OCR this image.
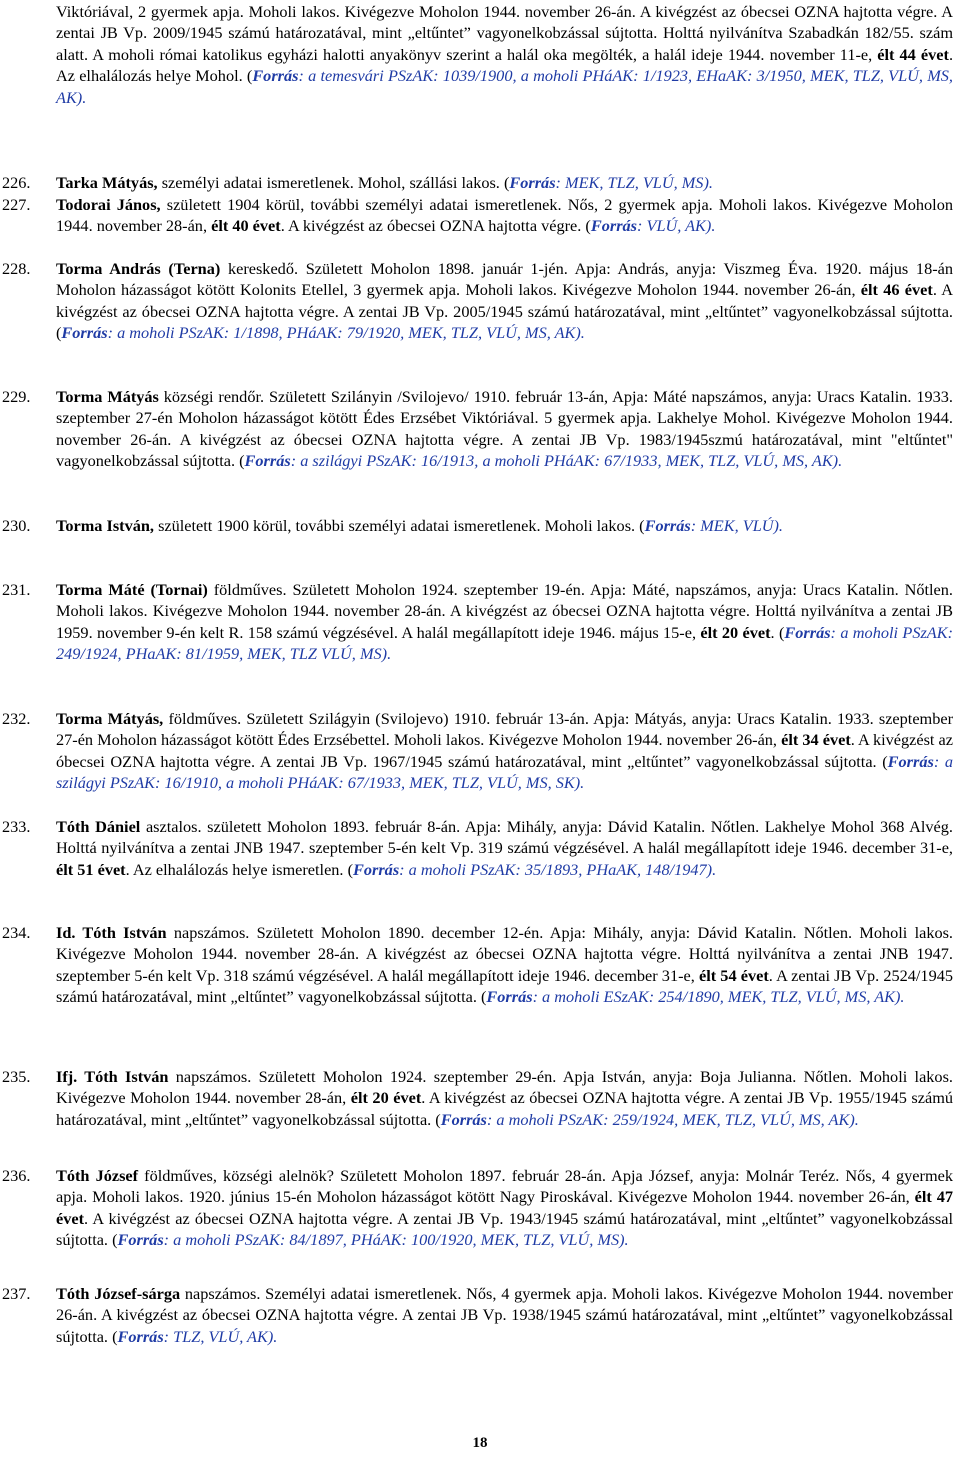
Viktóriával, 2 gyermek apja. Moholi lakos. Kivégezve Moholon 1944. november 26-án. A kivégzést az óbecsei OZNA hajtotta végre. A zentai JB Vp. 2009/1945 számú határozatával, mint „eltűntet” vagyonelkobzással sújtotta. Holttá nyilvánítva Szabadkán 182/55. szám alatt. A moholi római katolikus egyházi halotti anyakönyv szerint a halál oka megölték, a halál ideje 1944. november 11-e, élt 44 évet. Az elhalálozás helye Mohol. (Forrás: a temesvári PSzAK: 1039/1900, a moholi PHáAK: 1/1923, EHaAK: 3/1950, MEK, TLZ, VLÚ, MS, AK).

226.	Tarka Mátyás, személyi adatai ismeretlenek. Mohol, szállási lakos. (Forrás: MEK, TLZ, VLÚ, MS).

227.	Todorai János, született 1904 körül, további személyi adatai ismeretlenek. Nős, 2 gyermek apja. Moholi lakos. Kivégezve Moholon 1944. november 28-án, élt 40 évet. A kivégzést az óbecsei OZNA hajtotta végre. (Forrás: VLÚ, AK).

228.	Torma András (Terna) kereskedő. Született Moholon 1898. január 1-jén. Apja: András, anyja: Viszmeg Éva. 1920. május 18-án Moholon házasságot kötött Kolonits Etellel, 3 gyermek apja. Moholi lakos. Kivégezve Moholon 1944. november 26-án, élt 46 évet. A kivégzést az óbecsei OZNA hajtotta végre. A zentai JB Vp. 2005/1945 számú határozatával, mint „eltűntet” vagyonelkobzással sújtotta. (Forrás: a moholi PSzAK: 1/1898, PHáAK: 79/1920, MEK, TLZ, VLÚ, MS, AK).

229.	Torma Mátyás községi rendőr. Született Szilányin /Svilojevo/ 1910. február 13-án, Apja: Máté napszámos, anyja: Uracs Katalin. 1933. szeptember 27-én Moholon házasságot kötött Édes Erzsébet Viktóriával. 5 gyermek apja. Lakhelye Mohol. Kivégezve Moholon 1944. november 26-án. A kivégzést az óbecsei OZNA hajtotta végre. A zentai JB Vp. 1983/1945szmú határozatával, mint "eltűntet" vagyonelkobzással sújtotta. (Forrás: a szilágyi PSzAK: 16/1913, a moholi PHáAK: 67/1933, MEK, TLZ, VLÚ, MS, AK).

230.	Torma István, született 1900 körül, további személyi adatai ismeretlenek. Moholi lakos. (Forrás: MEK, VLÚ).

231.	Torma Máté (Tornai) földműves. Született Moholon 1924. szeptember 19-én. Apja: Máté, napszámos, anyja: Uracs Katalin. Nőtlen. Moholi lakos. Kivégezve Moholon 1944. november 28-án. A kivégzést az óbecsei OZNA hajtotta végre. Holttá nyilvánítva a zentai JB 1959. november 9-én kelt R. 158 számú végzésével. A halál megállapított ideje 1946. május 15-e, élt 20 évet. (Forrás: a moholi PSzAK: 249/1924, PHaAK: 81/1959, MEK, TLZ VLÚ, MS).

232.	Torma Mátyás, földműves. Született Szilágyin (Svilojevo) 1910. február 13-án. Apja: Mátyás, anyja: Uracs Katalin. 1933. szeptember 27-én Moholon házasságot kötött Édes Erzsébettel. Moholi lakos. Kivégezve Moholon 1944. november 26-án, élt 34 évet. A kivégzést az óbecsei OZNA hajtotta végre. A zentai JB Vp. 1967/1945 számú határozatával, mint „eltűntet” vagyonelkobzással sújtotta. (Forrás: a szilágyi PSzAK: 16/1910, a moholi PHáAK: 67/1933, MEK, TLZ, VLÚ, MS, SK).

233.	Tóth Dániel asztalos. született Moholon 1893. február 8-án. Apja: Mihály, anyja: Dávid Katalin. Nőtlen. Lakhelye Mohol 368 Alvég. Holttá nyilvánítva a zentai JNB 1947. szeptember 5-én kelt Vp. 319 számú végzésével. A halál megállapított ideje 1946. december 31-e, élt 51 évet. Az elhalálozás helye ismeretlen. (Forrás: a moholi PSzAK: 35/1893, PHaAK, 148/1947).

234.	Id. Tóth István napszámos. Született Moholon 1890. december 12-én. Apja: Mihály, anyja: Dávid Katalin. Nőtlen. Moholi lakos. Kivégezve Moholon 1944. november 28-án. A kivégzést az óbecsei OZNA hajtotta végre. Holttá nyilvánítva a zentai JNB 1947. szeptember 5-én kelt Vp. 318 számú végzésével. A halál megállapított ideje 1946. december 31-e, élt 54 évet. A zentai JB Vp. 2524/1945 számú határozatával, mint „eltűntet” vagyonelkobzással sújtotta. (Forrás: a moholi ESzAK: 254/1890, MEK, TLZ, VLÚ, MS, AK).

235.	Ifj. Tóth István napszámos. Született Moholon 1924. szeptember 29-én. Apja István, anyja: Boja Julianna. Nőtlen. Moholi lakos. Kivégezve Moholon 1944. november 28-án, élt 20 évet. A kivégzést az óbecsei OZNA hajtotta végre. A zentai JB Vp. 1955/1945 számú határozatával, mint „eltűntet” vagyonelkobzással sújtotta. (Forrás: a moholi PSzAK: 259/1924, MEK, TLZ, VLÚ, MS, AK).

236.	Tóth József földműves, községi alelnök? Született Moholon 1897. február 28-án. Apja József, anyja: Molnár Teréz. Nős, 4 gyermek apja. Moholi lakos. 1920. június 15-én Moholon házasságot kötött Nagy Piroskával. Kivégezve Moholon 1944. november 26-án, élt 47 évet. A kivégzést az óbecsei OZNA hajtotta végre. A zentai JB Vp. 1943/1945 számú határozatával, mint „eltűntet” vagyonelkobzással sújtotta. (Forrás: a moholi PSzAK: 84/1897, PHáAK: 100/1920, MEK, TLZ, VLÚ, MS).

237.	Tóth József-sárga napszámos. Személyi adatai ismeretlenek. Nős, 4 gyermek apja. Moholi lakos. Kivégezve Moholon 1944. november 26-án. A kivégzést az óbecsei OZNA hajtotta végre. A zentai JB Vp. 1938/1945 számú határozatával, mint „eltűntet” vagyonelkobzással sújtotta. (Forrás: TLZ, VLÚ, AK).

18
